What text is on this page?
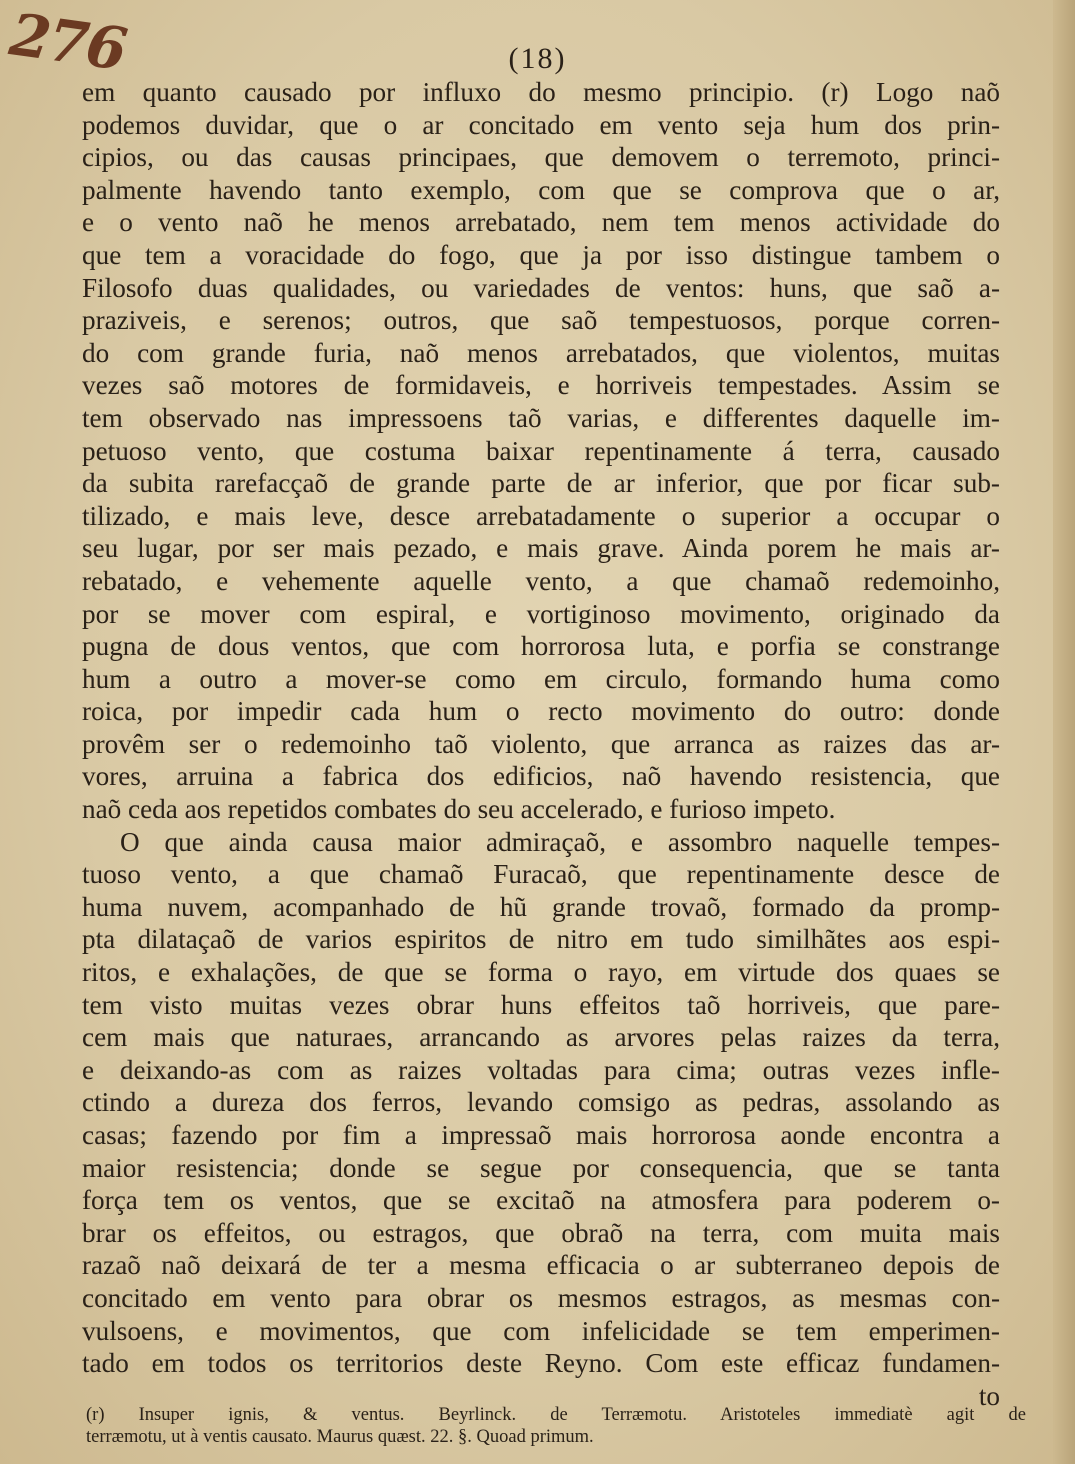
276	(18)
em quanto causado por influxo do mesmo principio. (r) Logo naõ
podemos duvidar, que o ar concitado em vento seja hum dos prin-
cipios, ou das causas principaes, que demovem o terremoto, princi-
palmente havendo tanto exemplo, com que se comprova que o ar,
e o vento naõ he menos arrebatado, nem tem menos actividade do
que tem a voracidade do fogo, que ja por isso distingue tambem o
Filosofo duas qualidades, ou variedades de ventos: huns, que saõ a-
praziveis, e serenos; outros, que saõ tempestuosos, porque corren-
do com grande furia, naõ menos arrebatados, que violentos, muitas
vezes saõ motores de formidaveis, e horriveis tempestades. Assim se
tem observado nas impressoens taõ varias, e differentes daquelle im-
petuoso vento, que costuma baixar repentinamente á terra, causado
da subita rarefacçaõ de grande parte de ar inferior, que por ficar sub-
tilizado, e mais leve, desce arrebatadamente o superior a occupar o
seu lugar, por ser mais pezado, e mais grave. Ainda porem he mais ar-
rebatado, e vehemente aquelle vento, a que chamaõ redemoinho,
por se mover com espiral, e vortiginoso movimento, originado da
pugna de dous ventos, que com horrorosa luta, e porfia se constrange
hum a outro a mover-se como em circulo, formando huma como
roica, por impedir cada hum o recto movimento do outro: donde
provêm ser o redemoinho taõ violento, que arranca as raizes das ar-
vores, arruina a fabrica dos edificios, naõ havendo resistencia, que
naõ ceda aos repetidos combates do seu accelerado, e furioso impeto.
O que ainda causa maior admiraçaõ, e assombro naquelle tempes-
tuoso vento, a que chamaõ Furacaõ, que repentinamente desce de
huma nuvem, acompanhado de hũ grande trovaõ, formado da promp-
pta dilataçaõ de varios espiritos de nitro em tudo similhãtes aos espi-
ritos, e exhalações, de que se forma o rayo, em virtude dos quaes se
tem visto muitas vezes obrar huns effeitos taõ horriveis, que pare-
cem mais que naturaes, arrancando as arvores pelas raizes da terra,
e deixando-as com as raizes voltadas para cima; outras vezes infle-
ctindo a dureza dos ferros, levando comsigo as pedras, assolando as
casas; fazendo por fim a impressaõ mais horrorosa aonde encontra a
maior resistencia; donde se segue por consequencia, que se tanta
força tem os ventos, que se excitaõ na atmosfera para poderem o-
brar os effeitos, ou estragos, que obraõ na terra, com muita mais
razaõ naõ deixará de ter a mesma efficacia o ar subterraneo depois de
concitado em vento para obrar os mesmos estragos, as mesmas con-
vulsoens, e movimentos, que com infelicidade se tem emperimen-
tado em todos os territorios deste Reyno. Com este efficaz fundamen-
to
(r) Insuper ignis, & ventus. Beyrlinck. de Terræmotu. Aristoteles immediatè agit de
terræmotu, ut à ventis causato. Maurus quæst. 22. §. Quoad primum.
